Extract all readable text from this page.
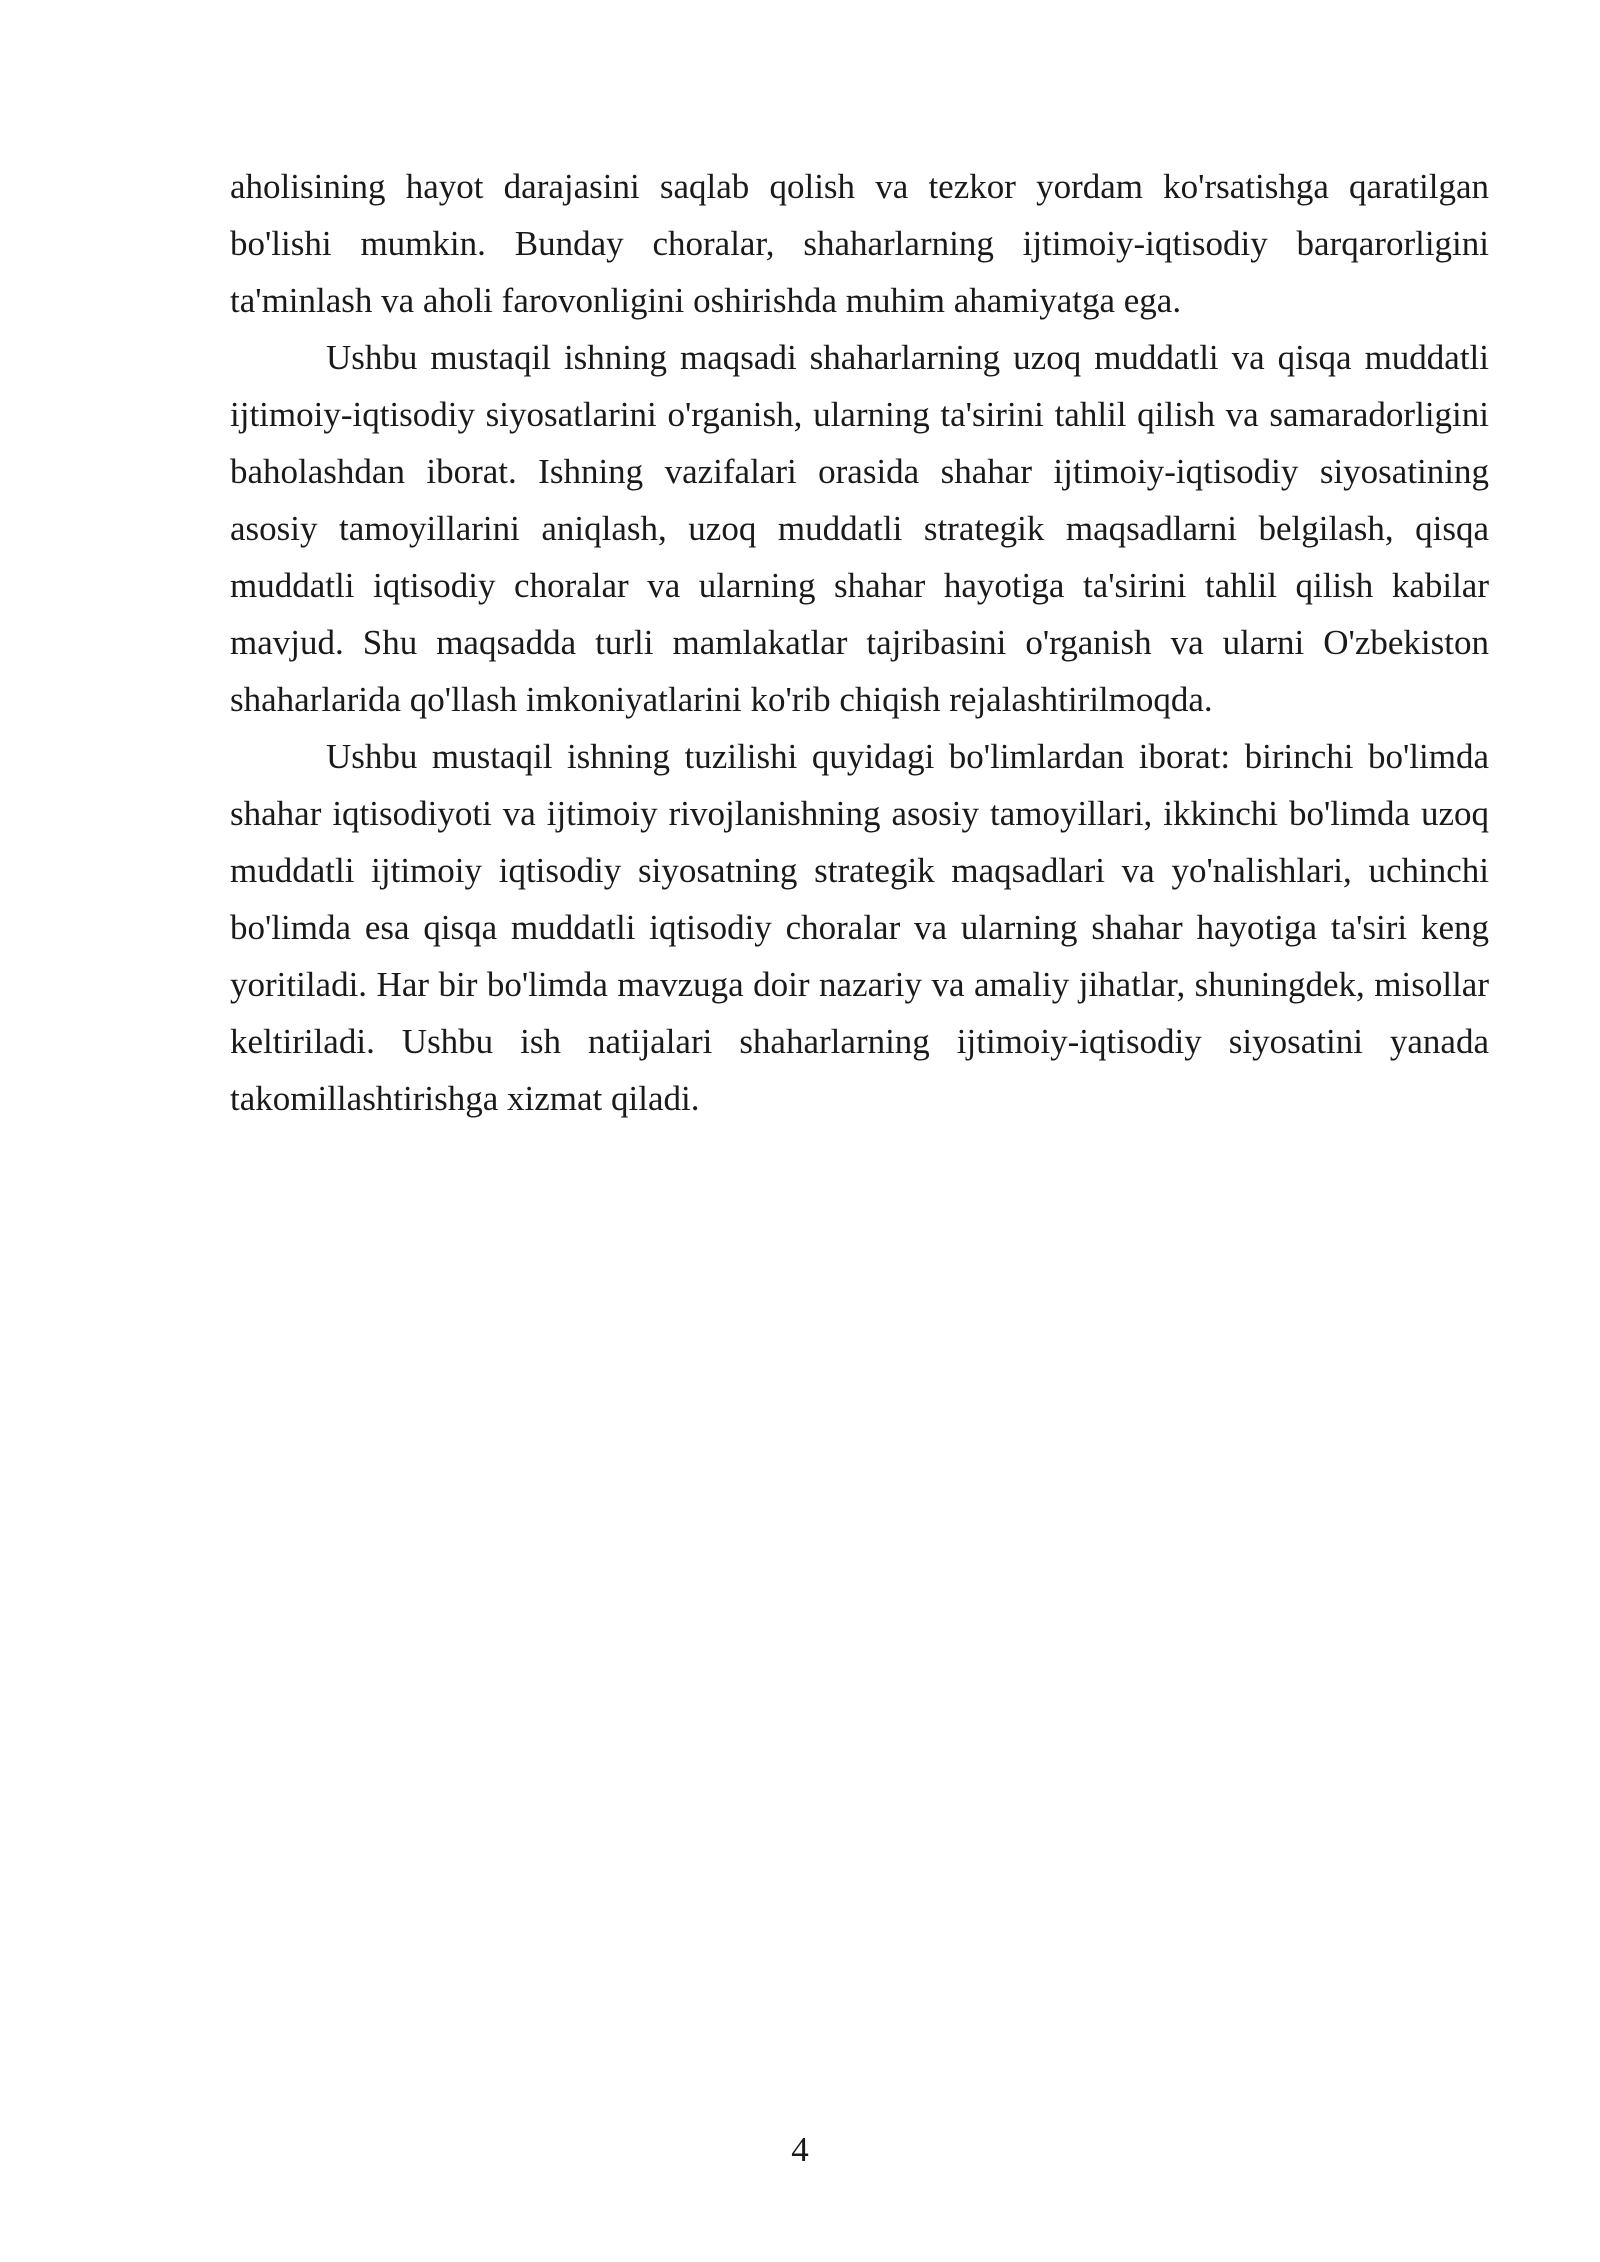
aholisining hayot darajasini saqlab qolish va tezkor yordam ko'rsatishga qaratilgan bo'lishi mumkin. Bunday choralar, shaharlarning ijtimoiy-iqtisodiy barqarorligini ta'minlash va aholi farovonligini oshirishda muhim ahamiyatga ega.

Ushbu mustaqil ishning maqsadi shaharlarning uzoq muddatli va qisqa muddatli ijtimoiy-iqtisodiy siyosatlarini o'rganish, ularning ta'sirini tahlil qilish va samaradorligini baholashdan iborat. Ishning vazifalari orasida shahar ijtimoiy-iqtisodiy siyosatining asosiy tamoyillarini aniqlash, uzoq muddatli strategik maqsadlarni belgilash, qisqa muddatli iqtisodiy choralar va ularning shahar hayotiga ta'sirini tahlil qilish kabilar mavjud. Shu maqsadda turli mamlakatlar tajribasini o'rganish va ularni O'zbekiston shaharlarida qo'llash imkoniyatlarini ko'rib chiqish rejalashtirilmoqda.

Ushbu mustaqil ishning tuzilishi quyidagi bo'limlardan iborat: birinchi bo'limda shahar iqtisodiyoti va ijtimoiy rivojlanishning asosiy tamoyillari, ikkinchi bo'limda uzoq muddatli ijtimoiy iqtisodiy siyosatning strategik maqsadlari va yo'nalishlari, uchinchi bo'limda esa qisqa muddatli iqtisodiy choralar va ularning shahar hayotiga ta'siri keng yoritiladi. Har bir bo'limda mavzuga doir nazariy va amaliy jihatlar, shuningdek, misollar keltiriladi. Ushbu ish natijalari shaharlarning ijtimoiy-iqtisodiy siyosatini yanada takomillashtirishga xizmat qiladi.

4
